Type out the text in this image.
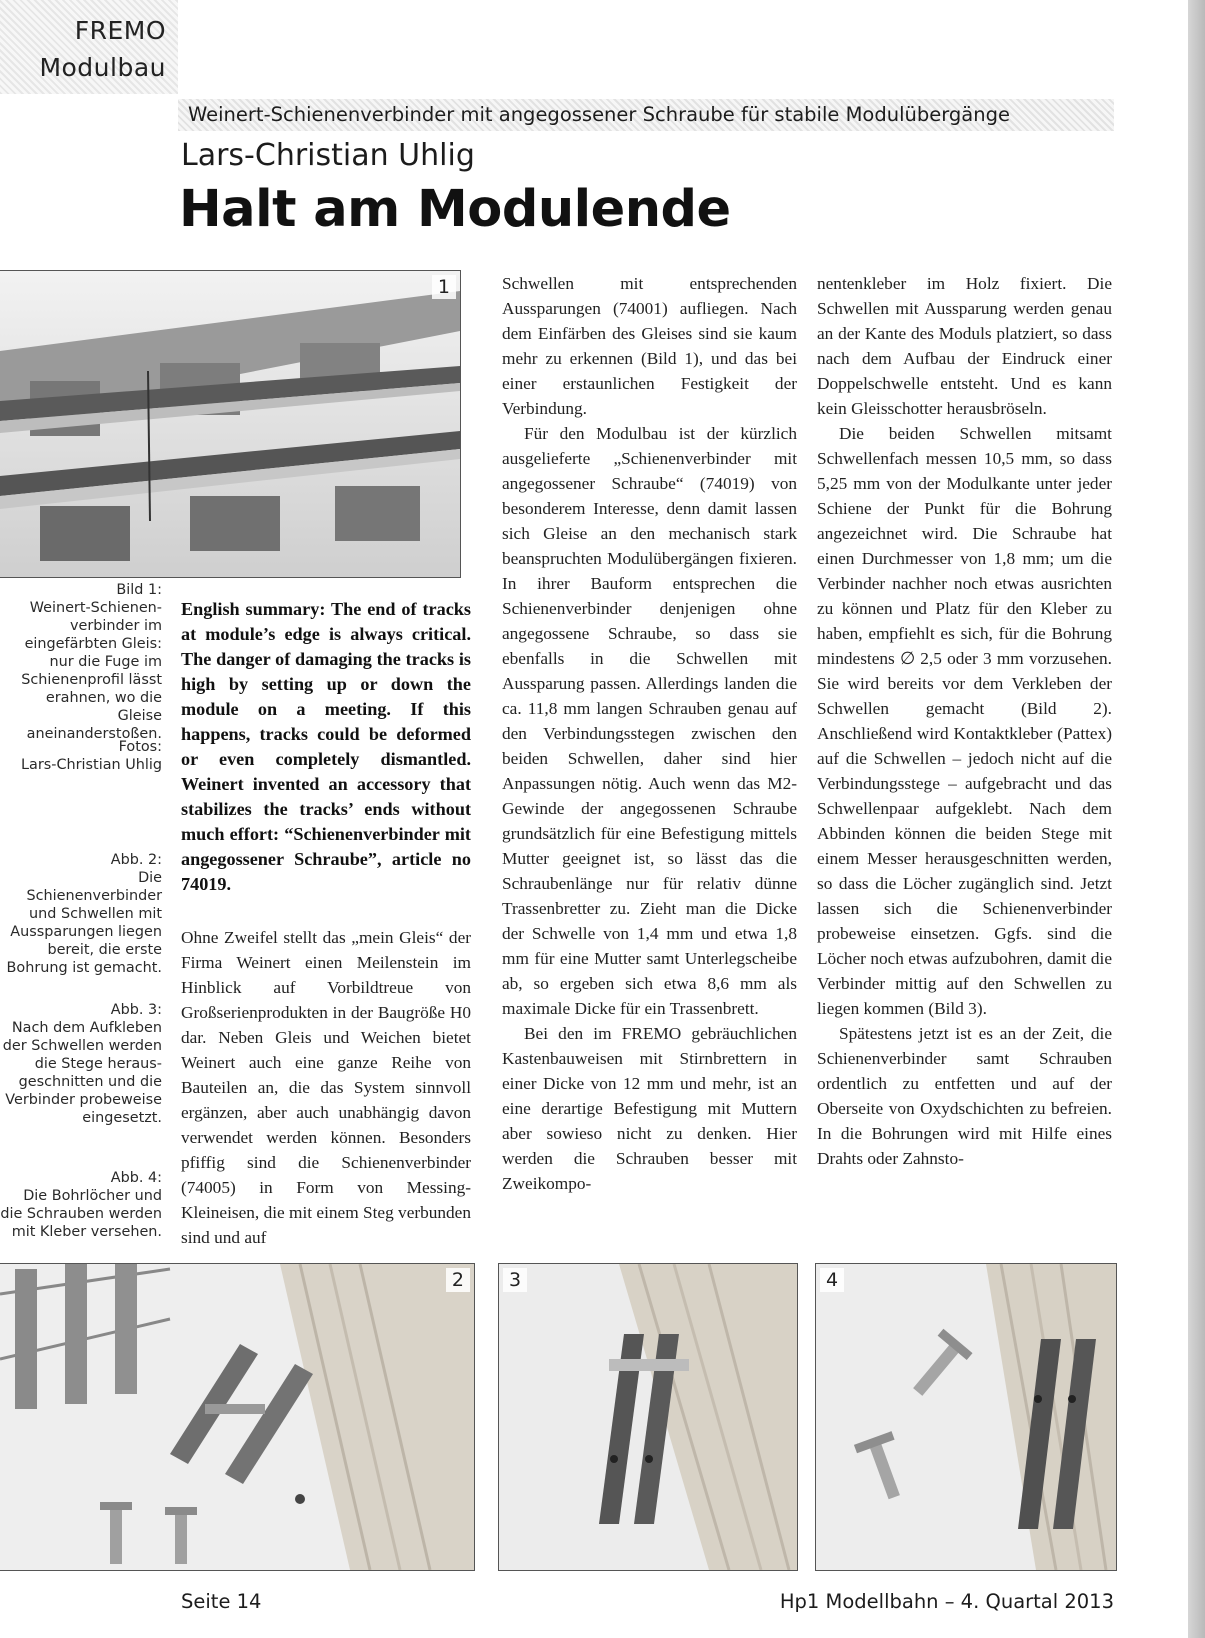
FREMO
Modulbau
Weinert-Schienenverbinder mit angegossener Schraube für stabile Modulübergänge
Lars-Christian Uhlig
Halt am Modulende
1
Bild 1:
Weinert-Schienen-verbinder im eingefärbten Gleis: nur die Fuge im Schienenprofil lässt erahnen, wo die Gleise aneinanderstoßen.
Fotos:
Lars-Christian Uhlig
Abb. 2:
Die Schienenverbinder und Schwellen mit Aussparungen liegen bereit, die erste Bohrung ist gemacht.
Abb. 3:
Nach dem Aufkleben der Schwellen werden die Stege heraus-geschnitten und die Verbinder probeweise eingesetzt.
Abb. 4:
Die Bohrlöcher und die Schrauben werden mit Kleber versehen.
English summary: The end of tracks at module’s edge is always critical. The danger of damaging the tracks is high by setting up or down the module on a meeting. If this happens, tracks could be deformed or even completely dismantled. Weinert invented an accessory that stabilizes the tracks’ ends without much effort: “Schienenverbinder mit angegossener Schraube”, article no 74019.

Ohne Zweifel stellt das „mein Gleis“ der Firma Weinert einen Meilenstein im Hinblick auf Vorbildtreue von Großserienprodukten in der Baugröße H0 dar. Neben Gleis und Weichen bietet Weinert auch eine ganze Reihe von Bauteilen an, die das System sinnvoll ergänzen, aber auch unabhängig davon verwendet werden können. Besonders pfiffig sind die Schienenverbinder (74005) in Form von Messing-Kleineisen, die mit einem Steg verbunden sind und auf

Schwellen mit entsprechenden Aussparungen (74001) aufliegen. Nach dem Einfärben des Gleises sind sie kaum mehr zu erkennen (Bild 1), und das bei einer erstaunlichen Festigkeit der Verbindung.

Für den Modulbau ist der kürzlich ausgelieferte „Schienenverbinder mit angegossener Schraube“ (74019) von besonderem Interesse, denn damit lassen sich Gleise an den mechanisch stark beanspruchten Modulübergängen fixieren. In ihrer Bauform entsprechen die Schienenverbinder denjenigen ohne angegossene Schraube, so dass sie ebenfalls in die Schwellen mit Aussparung passen. Allerdings landen die ca. 11,8 mm langen Schrauben genau auf den Verbindungsstegen zwischen den beiden Schwellen, daher sind hier Anpassungen nötig. Auch wenn das M2-Gewinde der angegossenen Schraube grundsätzlich für eine Befestigung mittels Mutter geeignet ist, so lässt das die Schraubenlänge nur für relativ dünne Trassenbretter zu. Zieht man die Dicke der Schwelle von 1,4 mm und etwa 1,8 mm für eine Mutter samt Unterlegscheibe ab, so ergeben sich etwa 8,6 mm als maximale Dicke für ein Trassenbrett.

Bei den im FREMO gebräuchlichen Kastenbauweisen mit Stirnbrettern in einer Dicke von 12 mm und mehr, ist an eine derartige Befestigung mit Muttern aber sowieso nicht zu denken. Hier werden die Schrauben besser mit Zweikompo-

nentenkleber im Holz fixiert. Die Schwellen mit Aussparung werden genau an der Kante des Moduls platziert, so dass nach dem Aufbau der Eindruck einer Doppelschwelle entsteht. Und es kann kein Gleisschotter herausbröseln.

Die beiden Schwellen mitsamt Schwellenfach messen 10,5 mm, so dass 5,25 mm von der Modulkante unter jeder Schiene der Punkt für die Bohrung angezeichnet wird. Die Schraube hat einen Durchmesser von 1,8 mm; um die Verbinder nachher noch etwas ausrichten zu können und Platz für den Kleber zu haben, empfiehlt es sich, für die Bohrung mindestens ∅ 2,5 oder 3 mm vorzusehen. Sie wird bereits vor dem Verkleben der Schwellen gemacht (Bild 2). Anschließend wird Kontaktkleber (Pattex) auf die Schwellen – jedoch nicht auf die Verbindungsstege – aufgebracht und das Schwellenpaar aufgeklebt. Nach dem Abbinden können die beiden Stege mit einem Messer herausgeschnitten werden, so dass die Löcher zugänglich sind. Jetzt lassen sich die Schienenverbinder probeweise einsetzen. Ggfs. sind die Löcher noch etwas aufzubohren, damit die Verbinder mittig auf den Schwellen zu liegen kommen (Bild 3).

Spätestens jetzt ist es an der Zeit, die Schienenverbinder samt Schrauben ordentlich zu entfetten und auf der Oberseite von Oxydschichten zu befreien. In die Bohrungen wird mit Hilfe eines Drahts oder Zahnsto-

2	3	4
Seite 14	Hp1 Modellbahn – 4. Quartal 2013
